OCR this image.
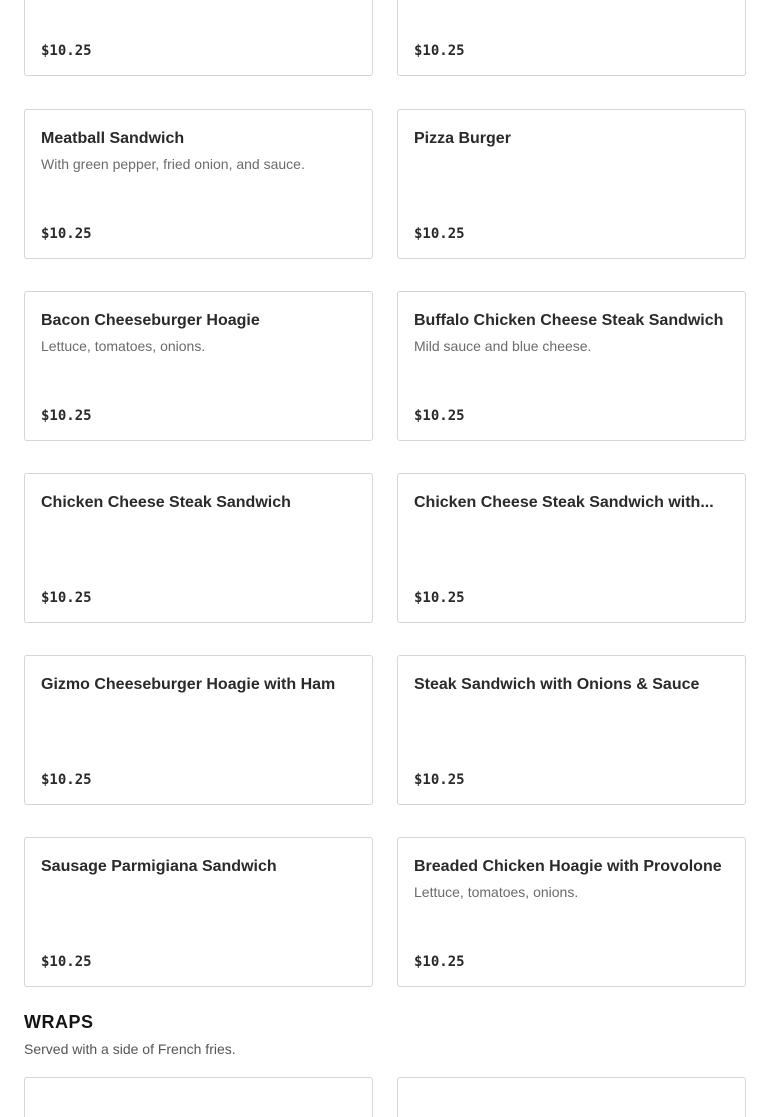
$10.25	$10.25
Meatball Sandwich
With green pepper, fried onion, and sauce.
$10.25
Pizza Burger
$10.25
Bacon Cheeseburger Hoagie
Lettuce, tomatoes, onions.
$10.25
Buffalo Chicken Cheese Steak Sandwich
Mild sauce and blue cheese.
$10.25
Chicken Cheese Steak Sandwich
$10.25
Chicken Cheese Steak Sandwich with...
$10.25
Gizmo Cheeseburger Hoagie with Ham
$10.25
Steak Sandwich with Onions & Sauce
$10.25
Sausage Parmigiana Sandwich
$10.25
Breaded Chicken Hoagie with Provolone
Lettuce, tomatoes, onions.
$10.25
WRAPS
Served with a side of French fries.
